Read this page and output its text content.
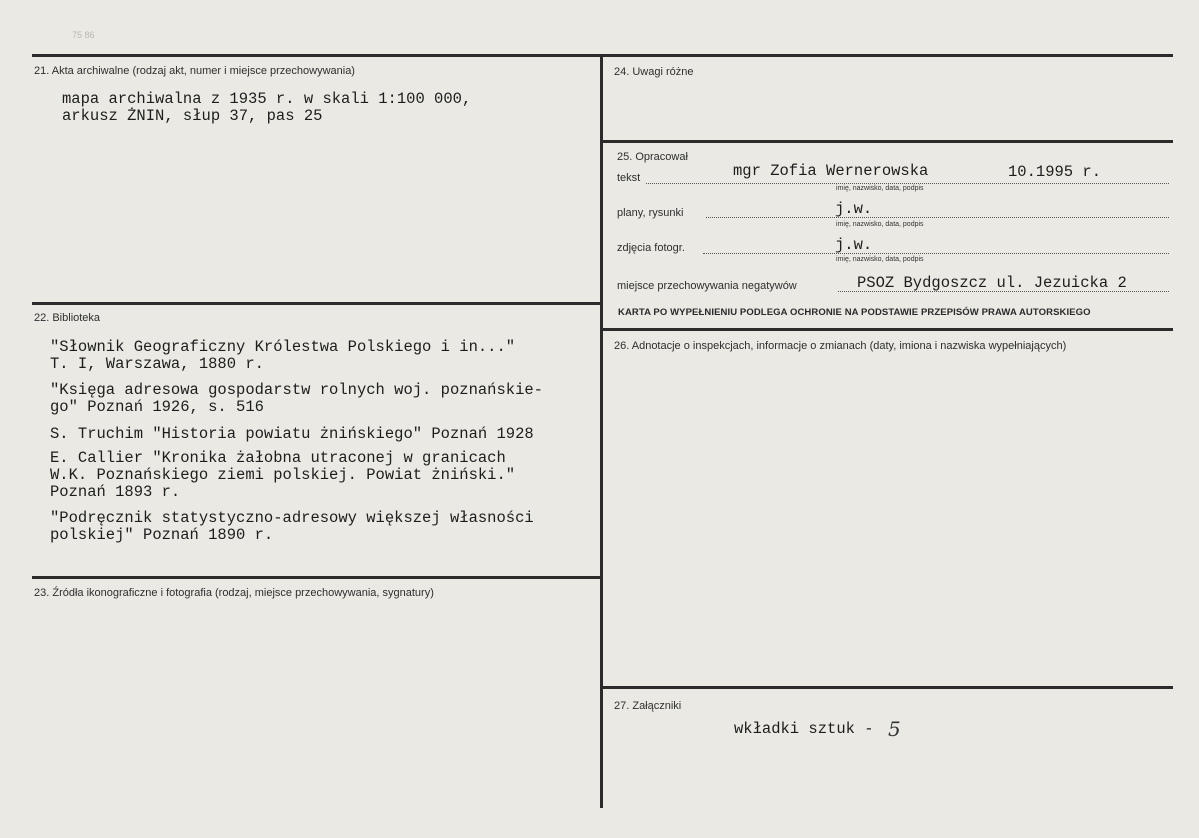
75 86
21. Akta archiwalne (rodzaj akt, numer i miejsce przechowywania)
mapa archiwalna z 1935 r. w skali 1:100 000,
arkusz ŻNIN, słup 37, pas 25
22. Biblioteka
"Słownik Geograficzny Królestwa Polskiego i in..."
T. I, Warszawa, 1880 r.
"Księga adresowa gospodarstw rolnych woj. poznańskie-
go" Poznań 1926, s. 516
S. Truchim "Historia powiatu żnińskiego" Poznań 1928
E. Callier "Kronika żałobna utraconej w granicach
W.K. Poznańskiego ziemi polskiej. Powiat żniński."
Poznań 1893 r.
"Podręcznik statystyczno-adresowy większej własności
polskiej" Poznań 1890 r.
23. Źródła ikonograficzne i fotografia (rodzaj, miejsce przechowywania, sygnatury)
24. Uwagi różne
25. Opracował
tekst	mgr Zofia Wernerowska	10.1995 r.
imię, nazwisko, data, podpis
plany, rysunki	j.w.
imię, nazwisko, data, podpis
zdjęcia fotogr.	j.w.
imię, nazwisko, data, podpis
miejsce przechowywania negatywów	PSOZ Bydgoszcz ul. Jezuicka 2
KARTA PO WYPEŁNIENIU PODLEGA OCHRONIE NA PODSTAWIE PRZEPISÓW PRAWA AUTORSKIEGO
26. Adnotacje o inspekcjach, informacje o zmianach (daty, imiona i nazwiska wypełniających)
27. Załączniki
wkładki sztuk - 5
